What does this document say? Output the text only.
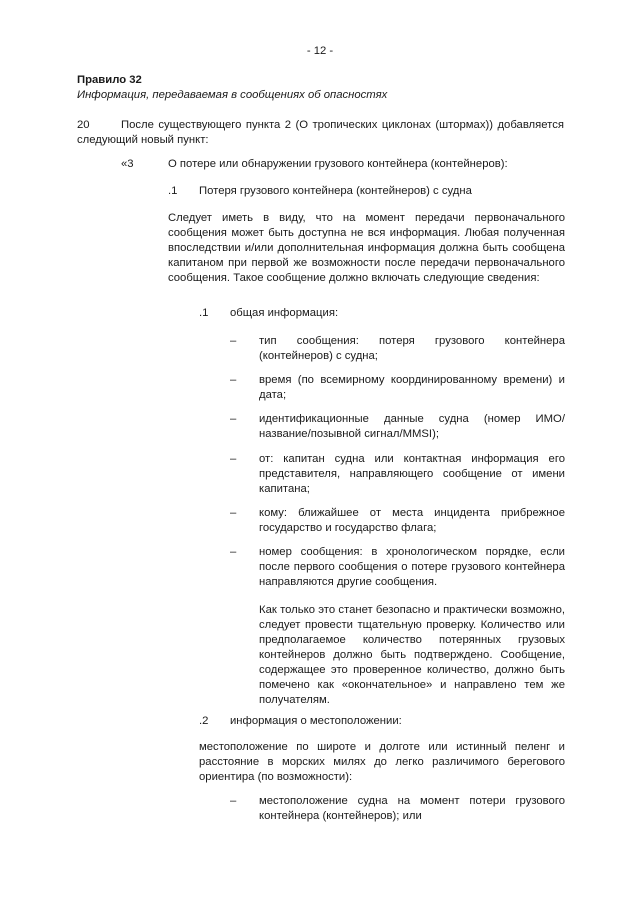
- 12 -
Правило 32
Информация, передаваемая в сообщениях об опасностях
20	После существующего пункта 2 (О тропических циклонах (штормах)) добавляется следующий новый пункт:
«3	О потере или обнаружении грузового контейнера (контейнеров):
.1 Потеря грузового контейнера (контейнеров) с судна
Следует иметь в виду, что на момент передачи первоначального сообщения может быть доступна не вся информация. Любая полученная впоследствии и/или дополнительная информация должна быть сообщена капитаном при первой же возможности после передачи первоначального сообщения. Такое сообщение должно включать следующие сведения:
.1 общая информация:
– тип сообщения: потеря грузового контейнера (контейнеров) с судна;
– время (по всемирному координированному времени) и дата;
– идентификационные данные судна (номер ИМО/название/позывной сигнал/MMSI);
– от: капитан судна или контактная информация его представителя, направляющего сообщение от имени капитана;
– кому: ближайшее от места инцидента прибрежное государство и государство флага;
– номер сообщения: в хронологическом порядке, если после первого сообщения о потере грузового контейнера направляются другие сообщения.
Как только это станет безопасно и практически возможно, следует провести тщательную проверку. Количество или предполагаемое количество потерянных грузовых контейнеров должно быть подтверждено. Сообщение, содержащее это проверенное количество, должно быть помечено как «окончательное» и направлено тем же получателям.
.2 информация о местоположении:
местоположение по широте и долготе или истинный пеленг и расстояние в морских милях до легко различимого берегового ориентира (по возможности):
– местоположение судна на момент потери грузового контейнера (контейнеров); или
